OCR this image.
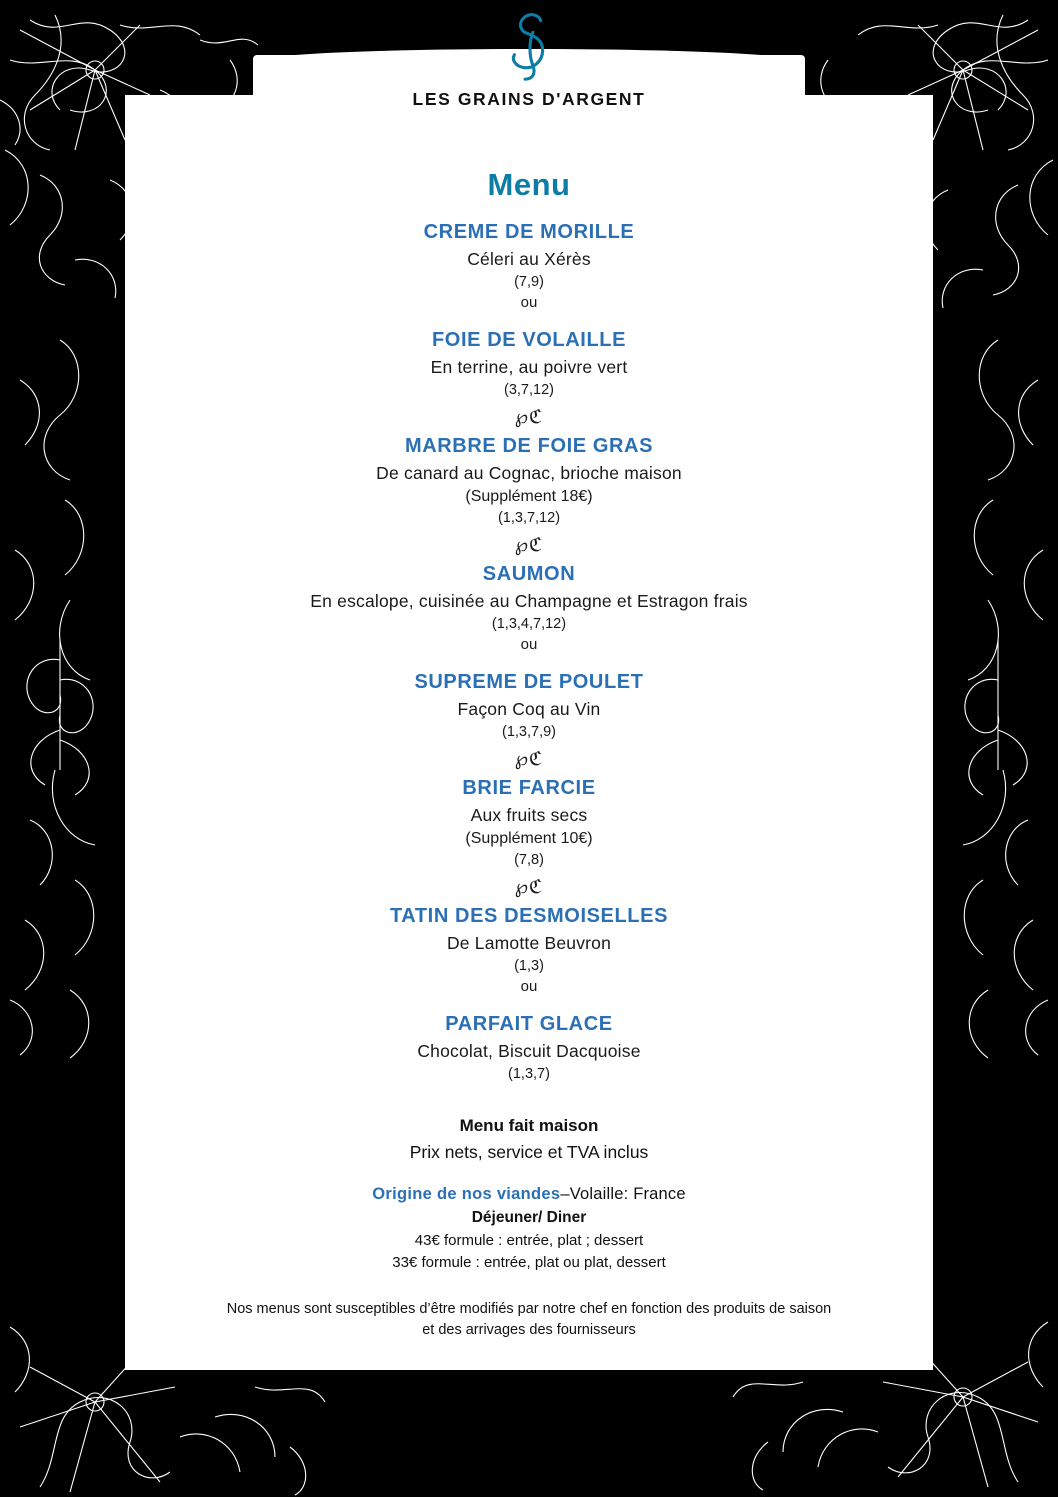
LES GRAINS D'ARGENT
Menu
CREME DE MORILLE
Céleri au Xérès
(7,9)
ou
FOIE DE VOLAILLE
En terrine, au poivre vert
(3,7,12)
℘ℭ
MARBRE DE FOIE GRAS
De canard au Cognac, brioche maison
(Supplément 18€)
(1,3,7,12)
℘ℭ
SAUMON
En escalope, cuisinée au Champagne et Estragon frais
(1,3,4,7,12)
ou
SUPREME DE POULET
Façon Coq au Vin
(1,3,7,9)
℘ℭ
BRIE FARCIE
Aux fruits secs
(Supplément 10€)
(7,8)
℘ℭ
TATIN DES DESMOISELLES
De Lamotte Beuvron
(1,3)
ou
PARFAIT GLACE
Chocolat, Biscuit Dacquoise
(1,3,7)
Menu fait maison
Prix nets, service et TVA inclus
Origine de nos viandes–Volaille: France
Déjeuner/ Diner
43€ formule : entrée, plat ; dessert
33€ formule : entrée, plat ou plat, dessert
Nos menus sont susceptibles d’être modifiés par notre chef en fonction des produits de saison
et des arrivages des fournisseurs
